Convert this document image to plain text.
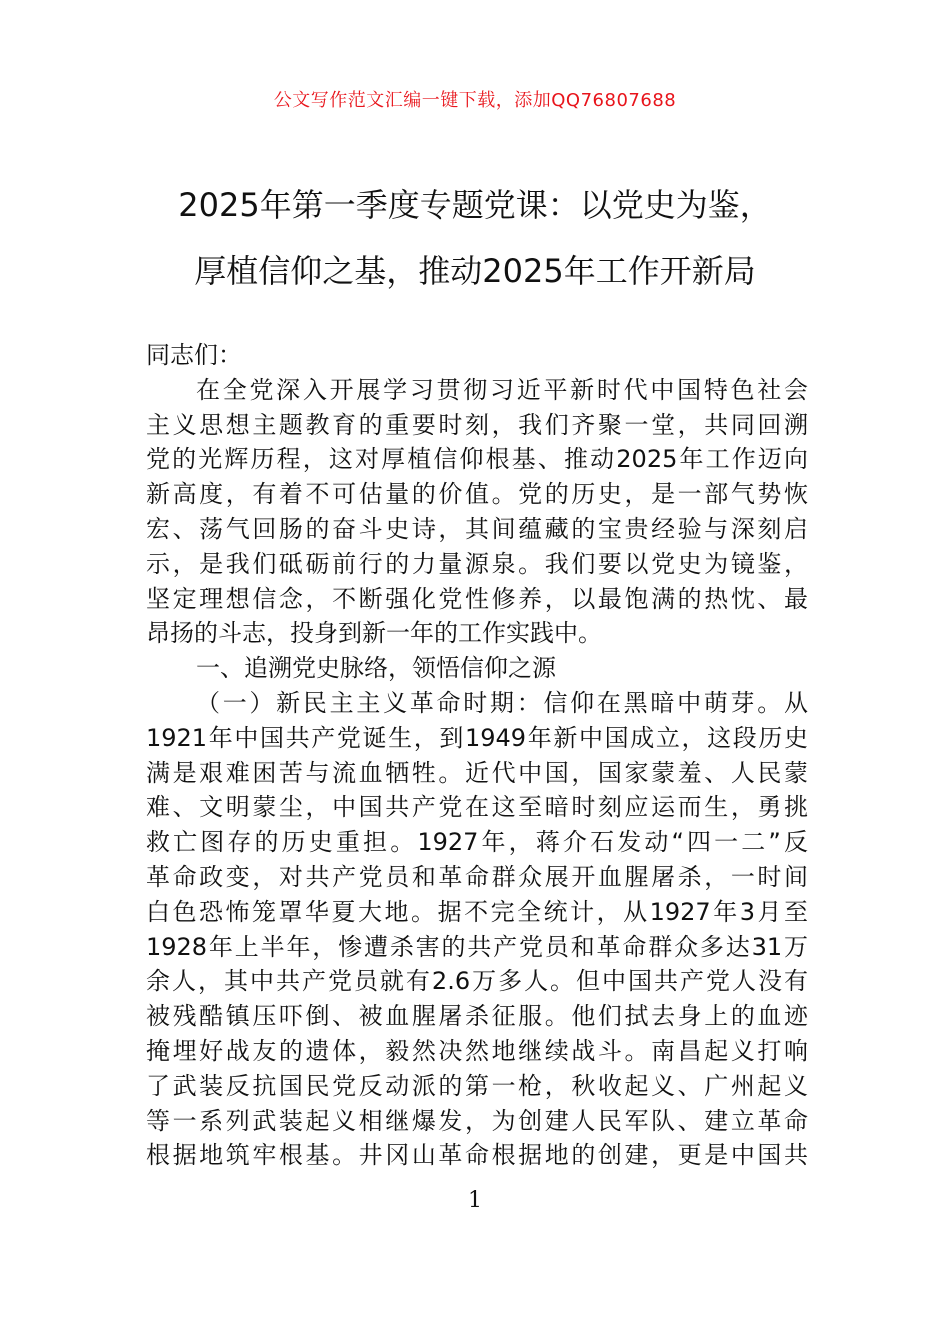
公文写作范文汇编一键下载，添加QQ76807688
2025年第一季度专题党课：以党史为鉴，
厚植信仰之基，推动2025年工作开新局
同志们：
在全党深入开展学习贯彻习近平新时代中国特色社会
主义思想主题教育的重要时刻，我们齐聚一堂，共同回溯
党的光辉历程，这对厚植信仰根基、推动2025年工作迈向
新高度，有着不可估量的价值。党的历史，是一部气势恢
宏、荡气回肠的奋斗史诗，其间蕴藏的宝贵经验与深刻启
示，是我们砥砺前行的力量源泉。我们要以党史为镜鉴，
坚定理想信念，不断强化党性修养，以最饱满的热忱、最
昂扬的斗志，投身到新一年的工作实践中。
一、追溯党史脉络，领悟信仰之源
（一）新民主主义革命时期：信仰在黑暗中萌芽。从
1921年中国共产党诞生，到1949年新中国成立，这段历史
满是艰难困苦与流血牺牲。近代中国，国家蒙羞、人民蒙
难、文明蒙尘，中国共产党在这至暗时刻应运而生，勇挑
救亡图存的历史重担。1927年，蒋介石发动“四一二”反
革命政变，对共产党员和革命群众展开血腥屠杀，一时间
白色恐怖笼罩华夏大地。据不完全统计，从1927年3月至
1928年上半年，惨遭杀害的共产党员和革命群众多达31万
余人，其中共产党员就有2.6万多人。但中国共产党人没有
被残酷镇压吓倒、被血腥屠杀征服。他们拭去身上的血迹
掩埋好战友的遗体，毅然决然地继续战斗。南昌起义打响
了武装反抗国民党反动派的第一枪，秋收起义、广州起义
等一系列武装起义相继爆发，为创建人民军队、建立革命
根据地筑牢根基。井冈山革命根据地的创建，更是中国共
1
